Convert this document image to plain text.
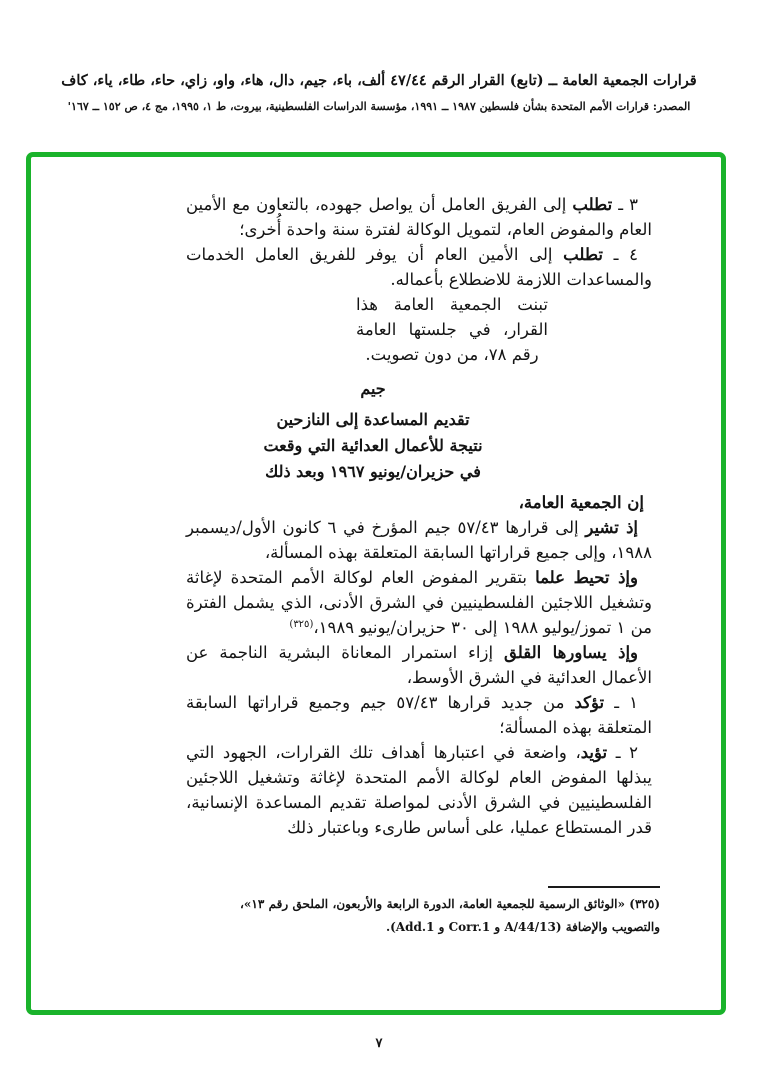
قرارات الجمعية العامة ــ (تابع) القرار الرقم ٤٧/٤٤ ألف، باء، جيم، دال، هاء، واو، زاي، حاء، طاء، ياء، كاف
المصدر: قرارات الأمم المتحدة بشأن فلسطين ١٩٨٧ ــ ١٩٩١، مؤسسة الدراسات الفلسطينية، بيروت، ط ١، ١٩٩٥، مج ٤، ص ١٥٢ ــ ١٦٧'
٣ ـ تطلب إلى الفريق العامل أن يواصل جهوده، بالتعاون مع الأمين العام والمفوض العام، لتمويل الوكالة لفترة سنة واحدة أُخرى؛
٤ ـ تطلب إلى الأمين العام أن يوفر للفريق العامل الخدمات والمساعدات اللازمة للاضطلاع بأعماله.
تبنت الجمعية العامة هذا القرار، في جلستها العامة رقم ٧٨، من دون تصويت.
جيم
تقديم المساعدة إلى النازحين
نتيجة للأعمال العدائية التي وقعت
في حزيران/يونيو ١٩٦٧ وبعد ذلك
إن الجمعية العامة،
إذ تشير إلى قرارها ٥٧/٤٣ جيم المؤرخ في ٦ كانون الأول/ديسمبر ١٩٨٨، وإلى جميع قراراتها السابقة المتعلقة بهذه المسألة،
وإذ تحيط علما بتقرير المفوض العام لوكالة الأمم المتحدة لإغاثة وتشغيل اللاجئين الفلسطينيين في الشرق الأدنى، الذي يشمل الفترة من ١ تموز/يوليو ١٩٨٨ إلى ٣٠ حزيران/يونيو ١٩٨٩،$^{(٣٢٥)}$
وإذ يساورها القلق إزاء استمرار المعاناة البشرية الناجمة عن الأعمال العدائية في الشرق الأوسط،
١ ـ تؤكد من جديد قرارها ٥٧/٤٣ جيم وجميع قراراتها السابقة المتعلقة بهذه المسألة؛
٢ ـ تؤيد، واضعة في اعتبارها أهداف تلك القرارات، الجهود التي يبذلها المفوض العام لوكالة الأمم المتحدة لإغاثة وتشغيل اللاجئين الفلسطينيين في الشرق الأدنى لمواصلة تقديم المساعدة الإنسانية، قدر المستطاع عمليا، على أساس طارىء وباعتبار ذلك
(٣٢٥) «الوثائق الرسمية للجمعية العامة، الدورة الرابعة والأربعون، الملحق رقم ١٣»، والتصويب والإضافة (A/44/13 و Corr.1 و Add.1).
٧
